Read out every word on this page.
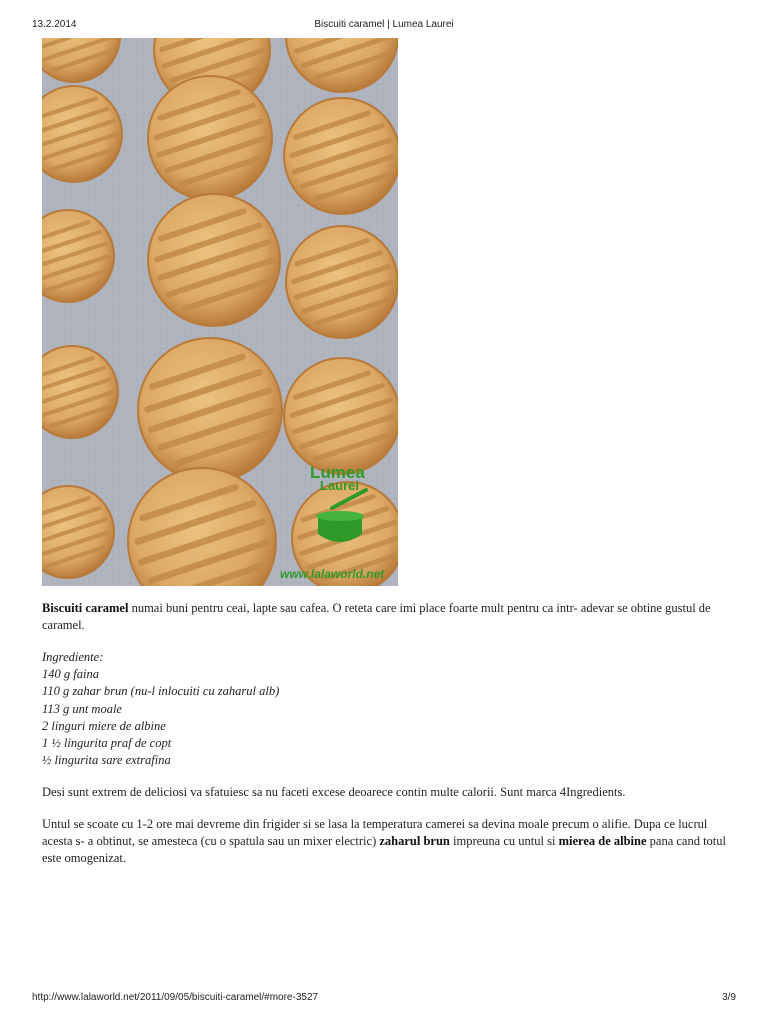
13.2.2014	Biscuiti caramel | Lumea Laurei
Lumea
Laurei
www.lalaworld.net

Biscuiti caramel numai buni pentru ceai, lapte sau cafea. O reteta care imi place foarte mult pentru ca intr- adevar se obtine gustul de caramel.

Ingrediente:
140 g faina
110 g zahar brun (nu-l inlocuiti cu zaharul alb)
113 g unt moale
2 linguri miere de albine
1 ½ lingurita praf de copt
½ lingurita sare extrafina

Desi sunt extrem de deliciosi va sfatuiesc sa nu faceti excese deoarece contin multe calorii. Sunt marca 4Ingredients.

Untul se scoate cu 1-2 ore mai devreme din frigider si se lasa la temperatura camerei sa devina moale precum o alifie. Dupa ce lucrul acesta s- a obtinut, se amesteca (cu o spatula sau un mixer electric) zaharul brun impreuna cu untul si mierea de albine pana cand totul este omogenizat.

http://www.lalaworld.net/2011/09/05/biscuiti-caramel/#more-3527	3/9
